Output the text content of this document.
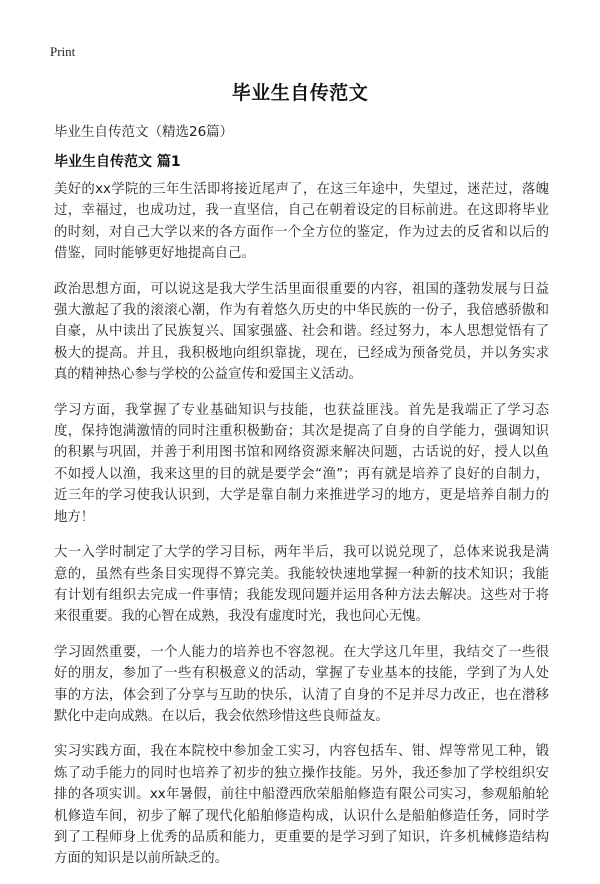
Print
毕业生自传范文
毕业生自传范文（精选26篇）
毕业生自传范文 篇1

美好的xx学院的三年生活即将接近尾声了，在这三年途中，失望过，迷茫过，落魄过，幸福过，也成功过，我一直坚信，自己在朝着设定的目标前进。在这即将毕业的时刻，对自己大学以来的各方面作一个全方位的鉴定，作为过去的反省和以后的借鉴，同时能够更好地提高自己。

政治思想方面，可以说这是我大学生活里面很重要的内容，祖国的蓬勃发展与日益强大激起了我的滚滚心潮，作为有着悠久历史的中华民族的一份子，我倍感骄傲和自豪，从中读出了民族复兴、国家强盛、社会和谐。经过努力，本人思想觉悟有了极大的提高。并且，我积极地向组织靠拢，现在，已经成为预备党员，并以务实求真的精神热心参与学校的公益宣传和爱国主义活动。

学习方面，我掌握了专业基础知识与技能，也获益匪浅。首先是我端正了学习态度，保持饱满激情的同时注重积极勤奋；其次是提高了自身的自学能力，强调知识的积累与巩固，并善于利用图书馆和网络资源来解决问题，古话说的好，授人以鱼不如授人以渔，我来这里的目的就是要学会“渔”；再有就是培养了良好的自制力，近三年的学习使我认识到，大学是靠自制力来推进学习的地方，更是培养自制力的地方！

大一入学时制定了大学的学习目标，两年半后，我可以说兑现了，总体来说我是满意的，虽然有些条目实现得不算完美。我能较快速地掌握一种新的技术知识；我能有计划有组织去完成一件事情；我能发现问题并运用各种方法去解决。这些对于将来很重要。我的心智在成熟，我没有虚度时光，我也问心无愧。

学习固然重要，一个人能力的培养也不容忽视。在大学这几年里，我结交了一些很好的朋友，参加了一些有积极意义的活动，掌握了专业基本的技能，学到了为人处事的方法，体会到了分享与互助的快乐，认清了自身的不足并尽力改正，也在潜移默化中走向成熟。在以后，我会依然珍惜这些良师益友。

实习实践方面，我在本院校中参加金工实习，内容包括车、钳、焊等常见工种，锻炼了动手能力的同时也培养了初步的独立操作技能。另外，我还参加了学校组织安排的各项实训。xx年暑假，前往中船澄西欣荣船舶修造有限公司实习，参观船舶轮机修造车间，初步了解了现代化船舶修造构成，认识什么是船舶修造任务，同时学到了工程师身上优秀的品质和能力，更重要的是学习到了知识，许多机械修造结构方面的知识是以前所缺乏的。
